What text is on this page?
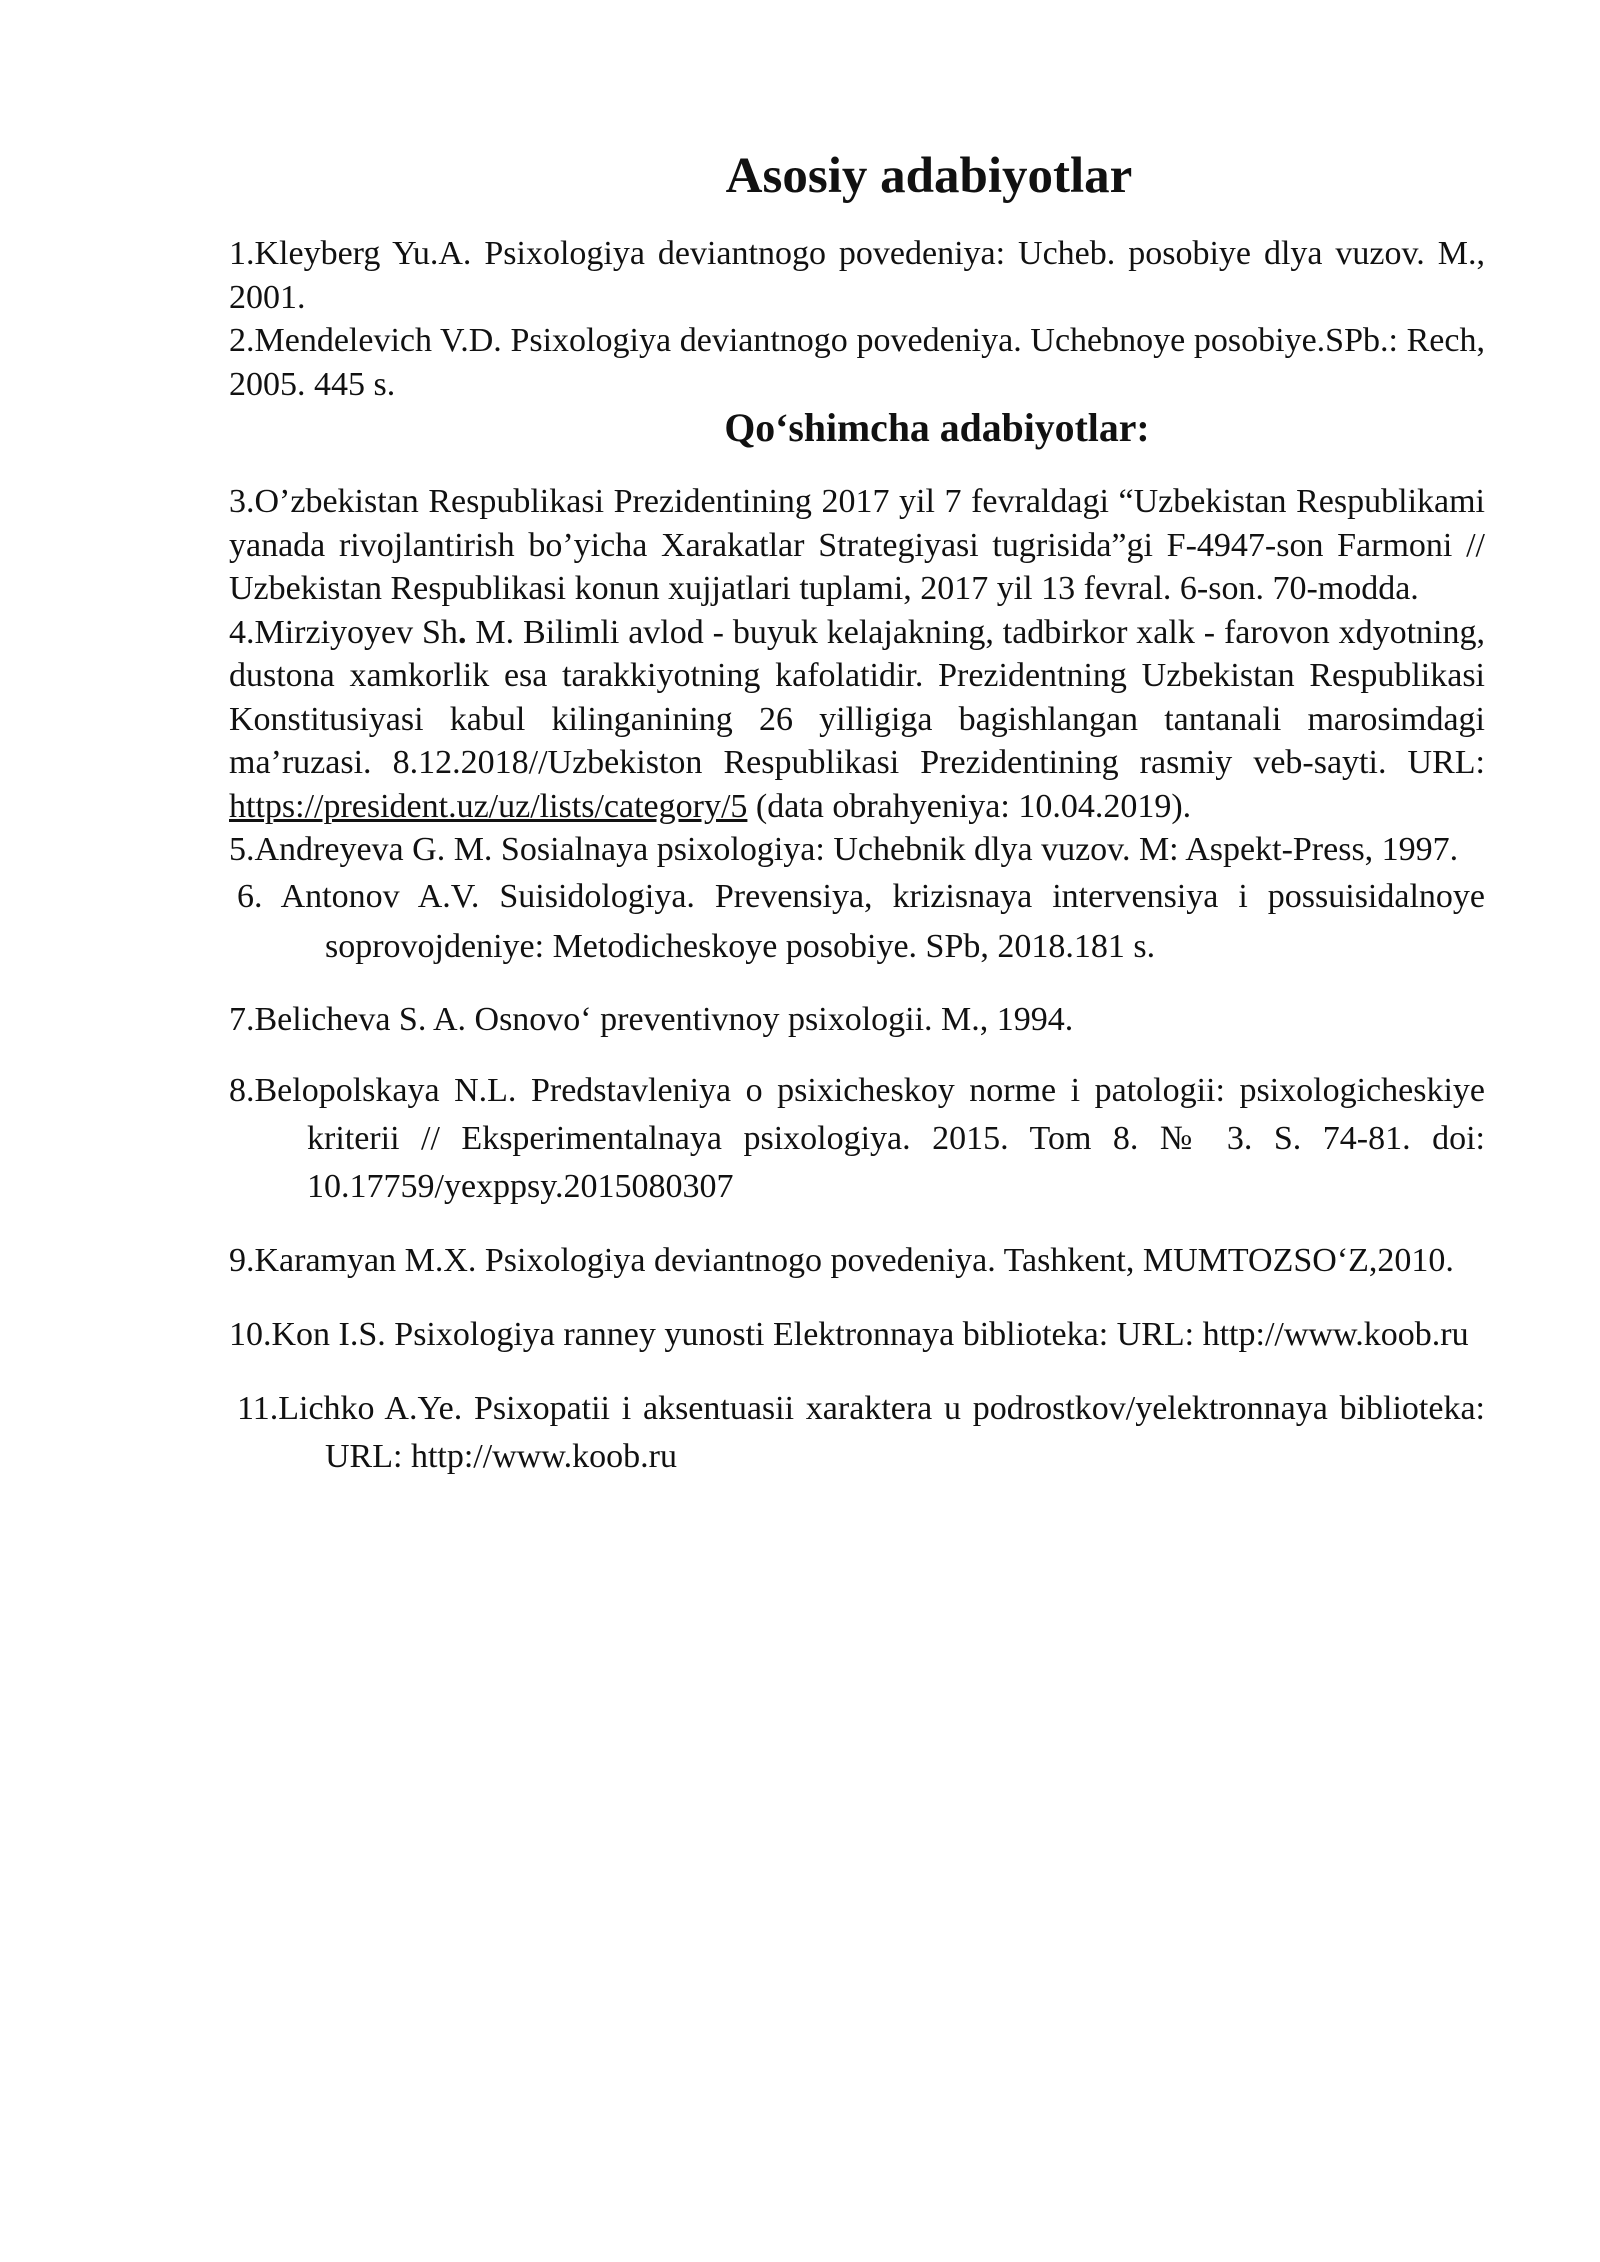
Asosiy adabiyotlar

1.Kleyberg Yu.A. Psixologiya deviantnogo povedeniya: Ucheb. posobiye dlya vuzov. M., 2001.

2.Mendelevich V.D. Psixologiya deviantnogo povedeniya. Uchebnoye posobiye.SPb.: Rech, 2005. 445 s.

Qo‘shimcha adabiyotlar:

3.O’zbekistan Respublikasi Prezidentining 2017 yil 7 fevraldagi “Uzbekistan Respublikami yanada rivojlantirish bo’yicha Xarakatlar Strategiyasi tugrisida”gi F-4947-son Farmoni // Uzbekistan Respublikasi konun xujjatlari tuplami, 2017 yil 13 fevral. 6-son. 70-modda.

4.Mirziyoyev Sh. M. Bilimli avlod - buyuk kelajakning, tadbirkor xalk - farovon xdyotning, dustona xamkorlik esa tarakkiyotning kafolatidir. Prezidentning Uzbekistan Respublikasi Konstitusiyasi kabul kilinganining 26 yilligiga bagishlangan tantanali marosimdagi ma’ruzasi. 8.12.2018//Uzbekiston Respublikasi Prezidentining rasmiy veb-sayti. URL: https://president.uz/uz/lists/category/5 (data obrahyeniya: 10.04.2019).

5.Andreyeva G. M. Sosialnaya psixologiya: Uchebnik dlya vuzov. M: Aspekt-Press, 1997.

6. Antonov A.V. Suisidologiya. Prevensiya, krizisnaya intervensiya i possuisidalnoye soprovojdeniye: Metodicheskoye posobiye. SPb, 2018.181 s.

7.Belicheva S. A. Osnovo‘ preventivnoy psixologii. M., 1994.

8.Belopolskaya N.L. Predstavleniya o psixicheskoy norme i patologii: psixologicheskiye kriterii // Eksperimentalnaya psixologiya. 2015. Tom 8. № 3. S. 74-81. doi: 10.17759/yexppsy.2015080307

9.Karamyan M.X. Psixologiya deviantnogo povedeniya. Tashkent, MUMTOZSO‘Z,2010.

10.Kon I.S. Psixologiya ranney yunosti Elektronnaya biblioteka: URL: http://www.koob.ru

11.Lichko A.Ye. Psixopatii i aksentuasii xaraktera u podrostkov/yelektronnaya biblioteka: URL: http://www.koob.ru
